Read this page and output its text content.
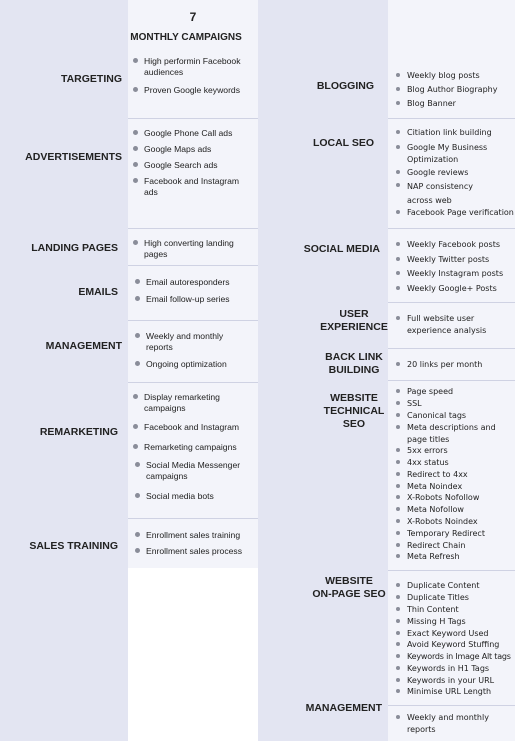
7
MONTHLY CAMPAIGNS
TARGETING
ADVERTISEMENTS
LANDING PAGES
EMAILS
MANAGEMENT
REMARKETING
SALES TRAINING
High performin Facebook audiences
Proven Google keywords
Google Phone Call ads
Google Maps ads
Google Search ads
Facebook and Instagram ads
High converting landing pages
Email autoresponders
Email follow-up series
Weekly and monthly reports
Ongoing optimization
Display remarketing campaigns
Facebook and Instagram
Remarketing campaigns
Social Media Messenger campaigns
Social media bots
Enrollment sales training
Enrollment sales process
BLOGGING
LOCAL SEO
SOCIAL MEDIA
USER
EXPERIENCE
BACK LINK
BUILDING
WEBSITE
TECHNICAL
SEO
WEBSITE
ON-PAGE SEO
MANAGEMENT
Weekly blog posts
Blog Author Biography
Blog Banner
Citiation link building
Google My Business Optimization
Google reviews
NAP consistency across web
Facebook Page verification
Weekly Facebook posts
Weekly Twitter posts
Weekly Instagram posts
Weekly Google+ Posts
Full website user experience analysis
20 links per month
Page speed
SSL
Canonical tags
Meta descriptions and page titles
5xx errors
4xx status
Redirect to 4xx
Meta Noindex
X-Robots Nofollow
Meta Nofollow
X-Robots Noindex
Temporary Redirect
Redirect Chain
Meta Refresh
Duplicate Content
Duplicate Titles
Thin Content
Missing H Tags
Exact Keyword Used
Avoid Keyword Stuffing
Keywords in Image Alt tags
Keywords in H1 Tags
Keywords in your URL
Minimise URL Length
Weekly and monthly reports
